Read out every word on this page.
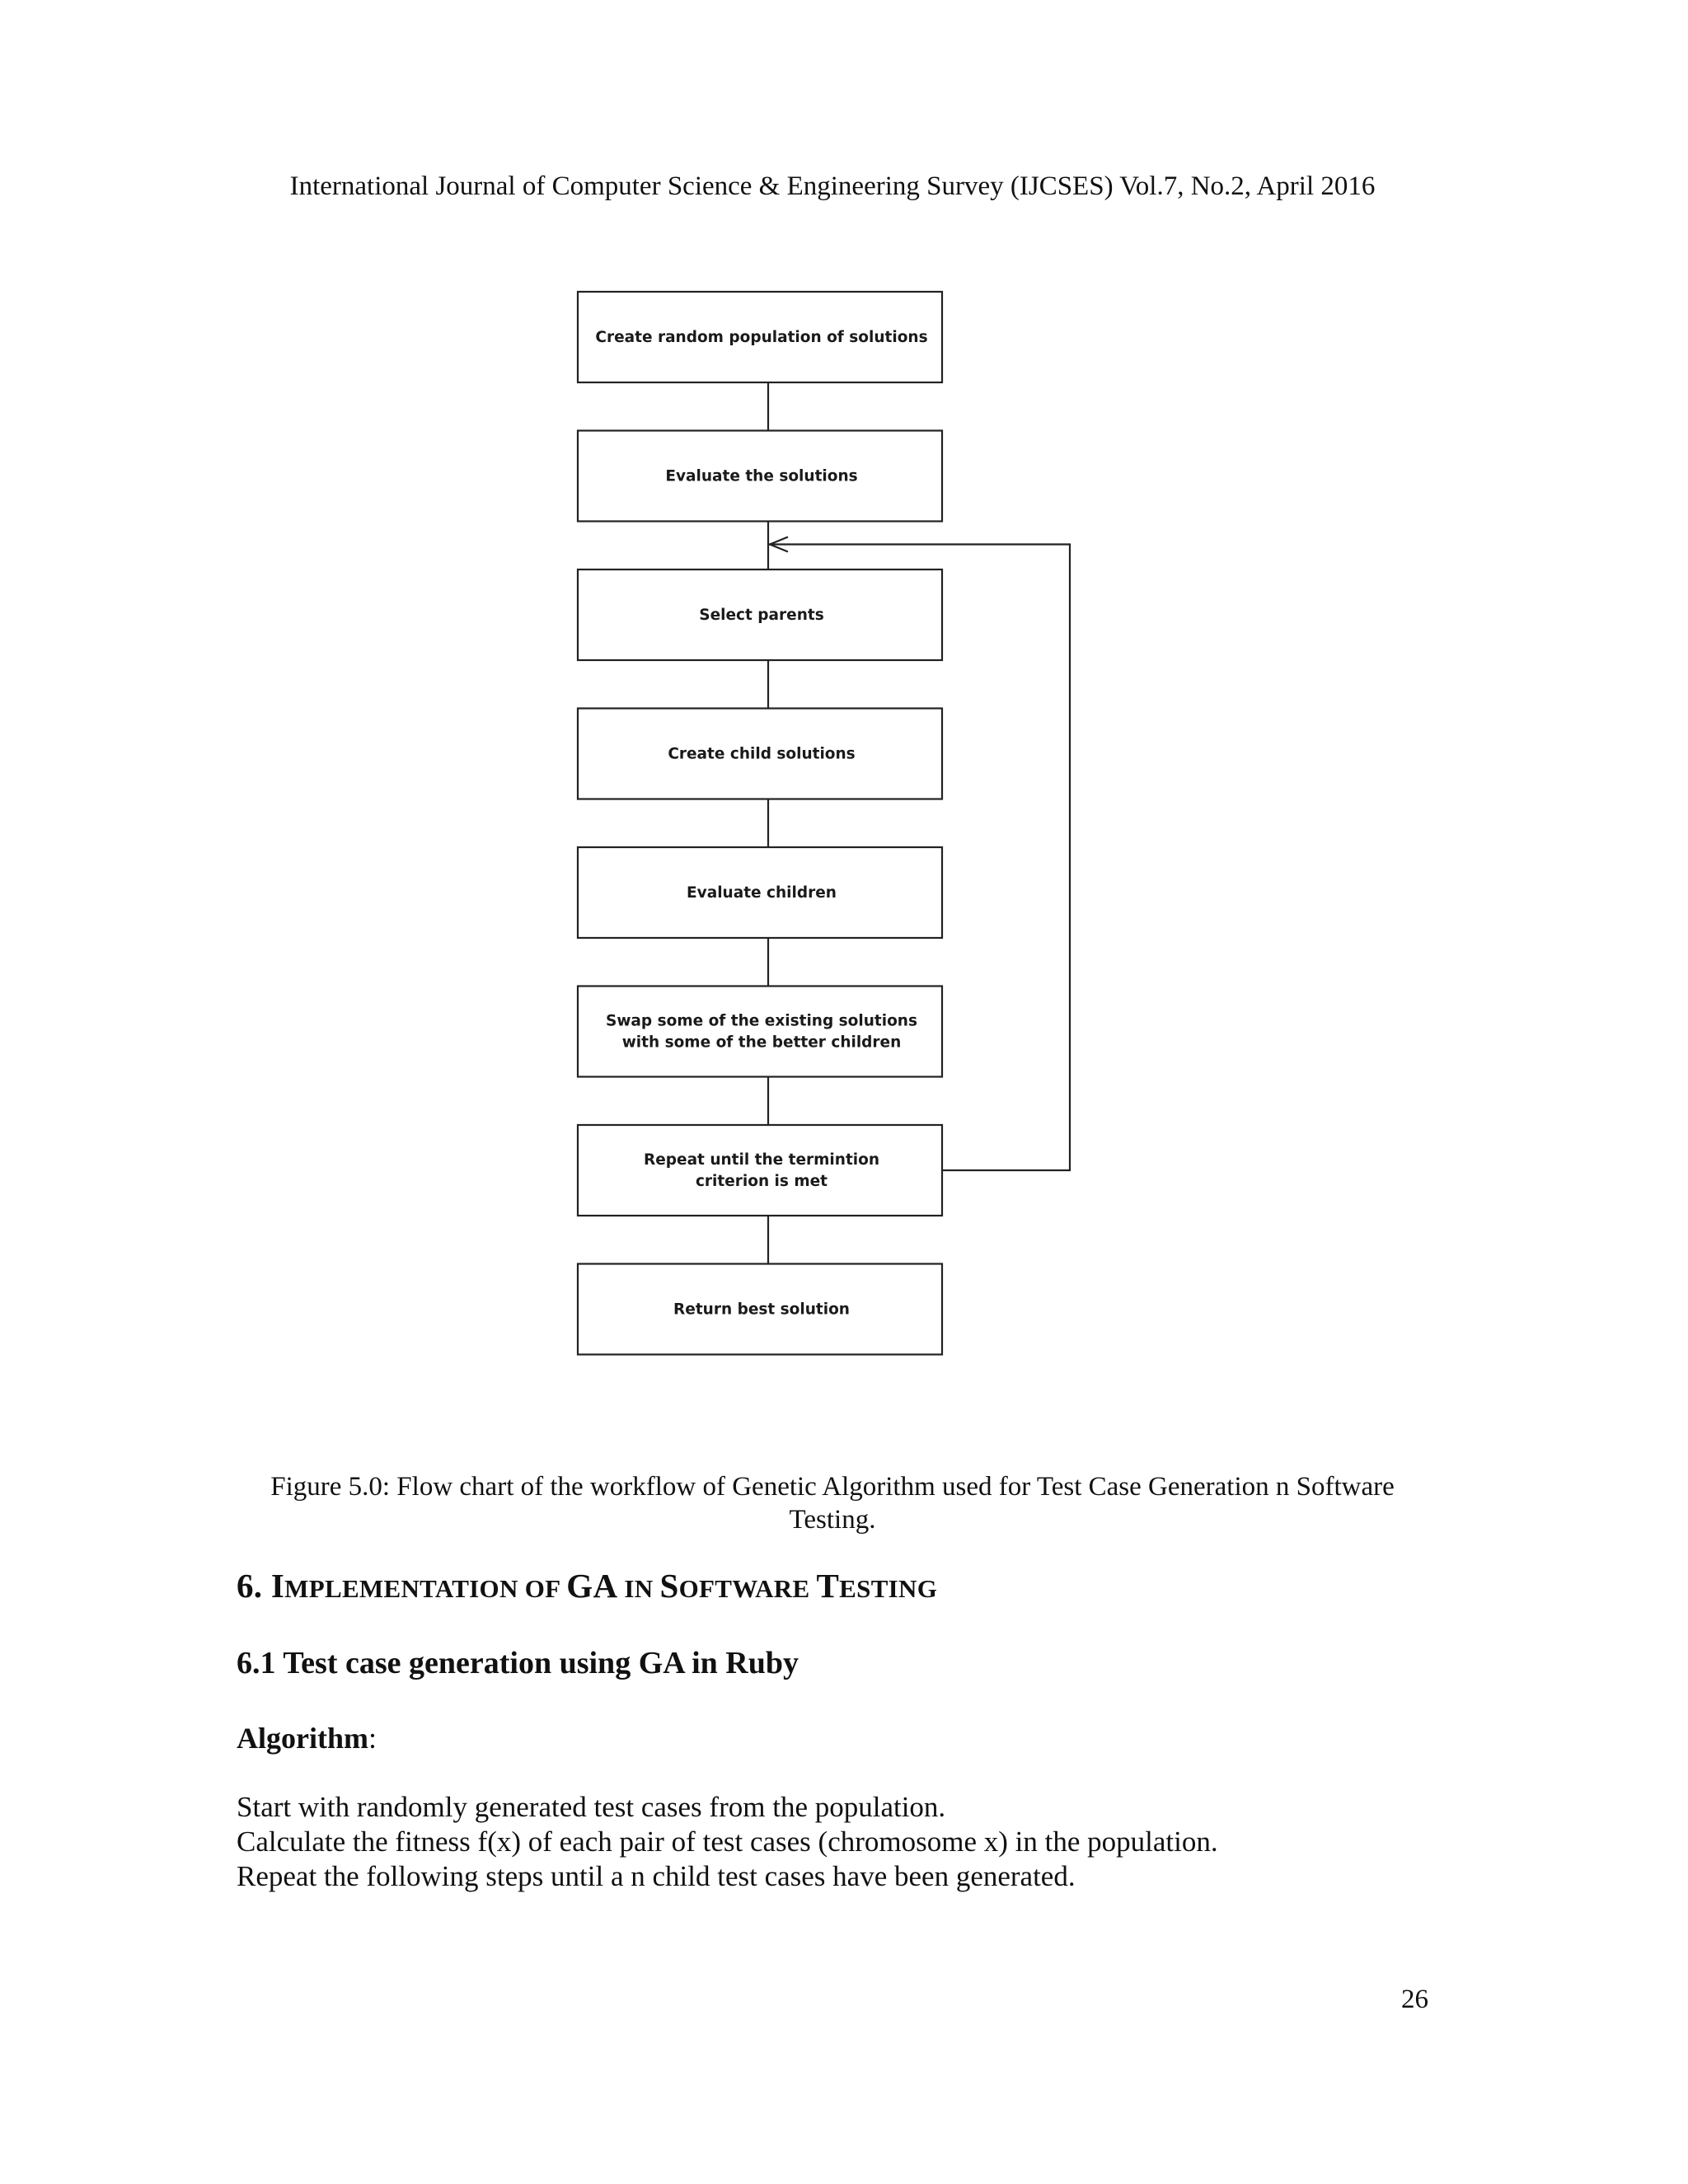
International Journal of Computer Science & Engineering Survey (IJCSES) Vol.7, No.2, April 2016
Create random population of solutions
Evaluate the solutions
Select parents
Create child solutions
Evaluate children
Swap some of the existing solutions
with some of the better children
Repeat until the termintion
criterion is met
Return best solution
Figure 5.0: Flow chart of the workflow of Genetic Algorithm used for Test Case Generation n Software
Testing.
6. IMPLEMENTATION OF GA IN SOFTWARE TESTING
6.1 Test case generation using GA in Ruby
Algorithm:

Start with randomly generated test cases from the population.

Calculate the fitness f(x) of each pair of test cases (chromosome x) in the population.

Repeat the following steps until a n child test cases have been generated.

26
